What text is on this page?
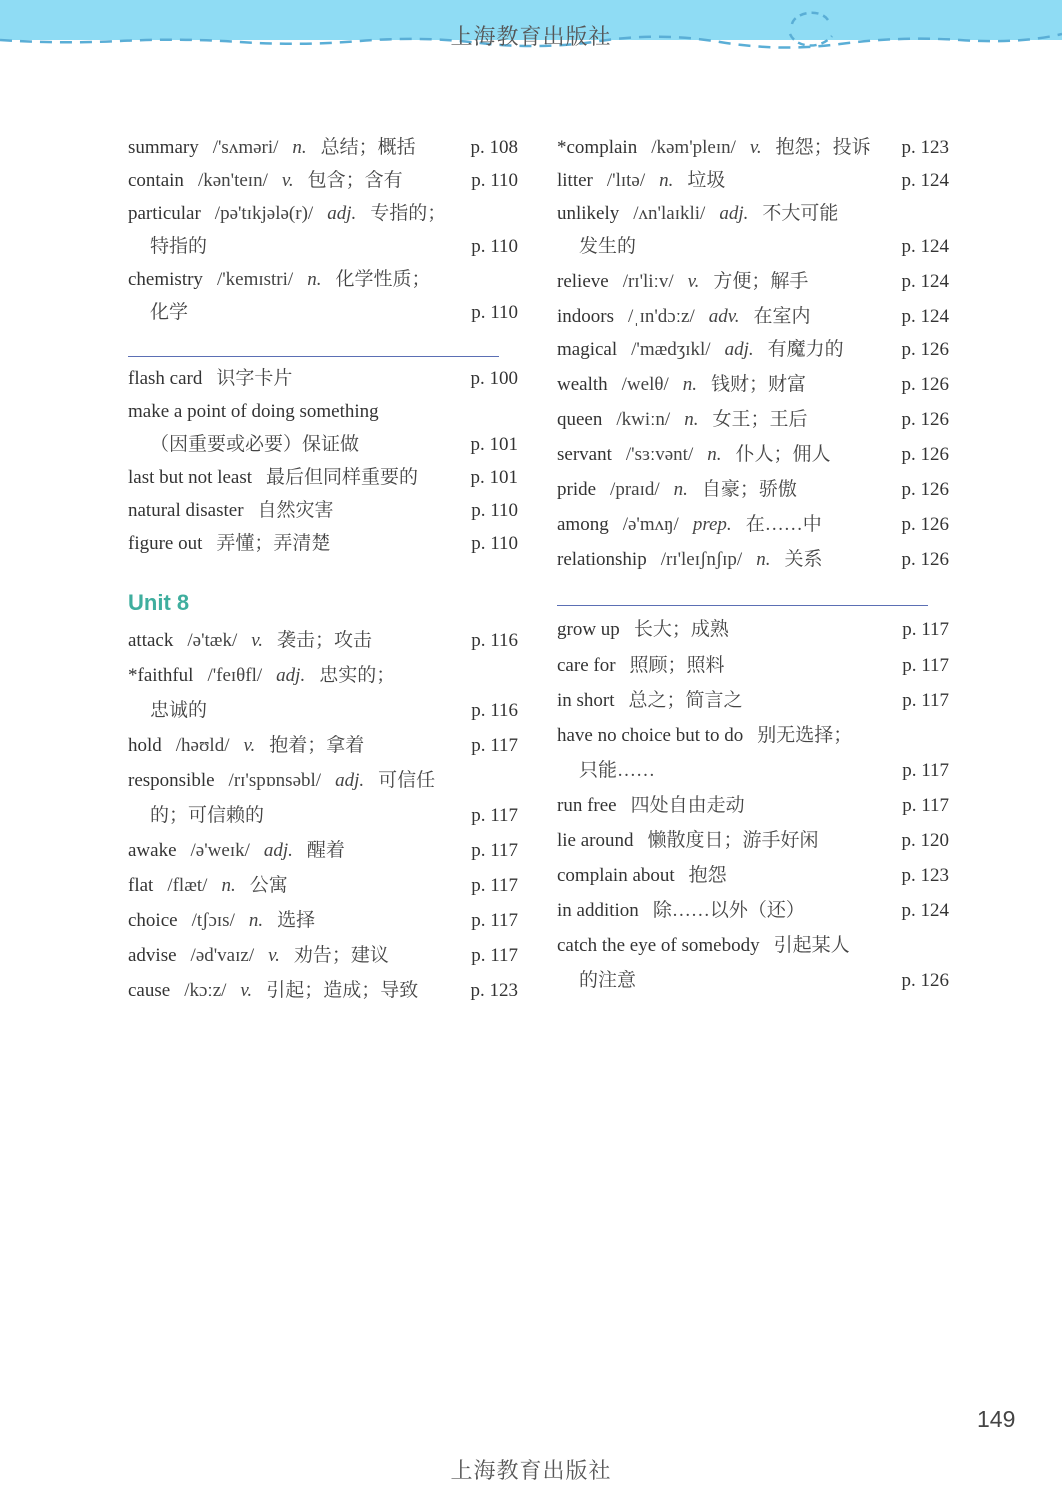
上海教育出版社
summary /'sʌməri/ n. 总结；概括	p. 108
contain /kən'teɪn/ v. 包含；含有	p. 110
particular /pə'tɪkjələ(r)/ adj. 专指的；
特指的	p. 110
chemistry /'kemɪstri/ n. 化学性质；
化学	p. 110
flash card 识字卡片	p. 100
make a point of doing something
（因重要或必要）保证做	p. 101
last but not least 最后但同样重要的	p. 101
natural disaster 自然灾害	p. 110
figure out 弄懂；弄清楚	p. 110
Unit 8
attack /ə'tæk/ v. 袭击；攻击	p. 116
*faithful /'feɪθfl/ adj. 忠实的；
忠诚的	p. 116
hold /həʊld/ v. 抱着；拿着	p. 117
responsible /rɪ'spɒnsəbl/ adj. 可信任
的；可信赖的	p. 117
awake /ə'weɪk/ adj. 醒着	p. 117
flat /flæt/ n. 公寓	p. 117
choice /tʃɔɪs/ n. 选择	p. 117
advise /əd'vaɪz/ v. 劝告；建议	p. 117
cause /kɔːz/ v. 引起；造成；导致	p. 123
*complain /kəm'pleɪn/ v. 抱怨；投诉 p. 123
litter /'lɪtə/ n. 垃圾	p. 124
unlikely /ʌn'laɪkli/ adj. 不大可能
发生的	p. 124
relieve /rɪ'liːv/ v. 方便；解手	p. 124
indoors /ˌɪn'dɔːz/ adv. 在室内	p. 124
magical /'mædʒɪkl/ adj. 有魔力的	p. 126
wealth /welθ/ n. 钱财；财富	p. 126
queen /kwiːn/ n. 女王；王后	p. 126
servant /'sɜːvənt/ n. 仆人；佣人	p. 126
pride /praɪd/ n. 自豪；骄傲	p. 126
among /ə'mʌŋ/ prep. 在……中	p. 126
relationship /rɪ'leɪʃnʃɪp/ n. 关系	p. 126
grow up 长大；成熟	p. 117
care for 照顾；照料	p. 117
in short 总之；简言之	p. 117
have no choice but to do 别无选择；
只能……	p. 117
run free 四处自由走动	p. 117
lie around 懒散度日；游手好闲	p. 120
complain about 抱怨	p. 123
in addition 除……以外（还）	p. 124
catch the eye of somebody 引起某人
的注意	p. 126
149
上海教育出版社
